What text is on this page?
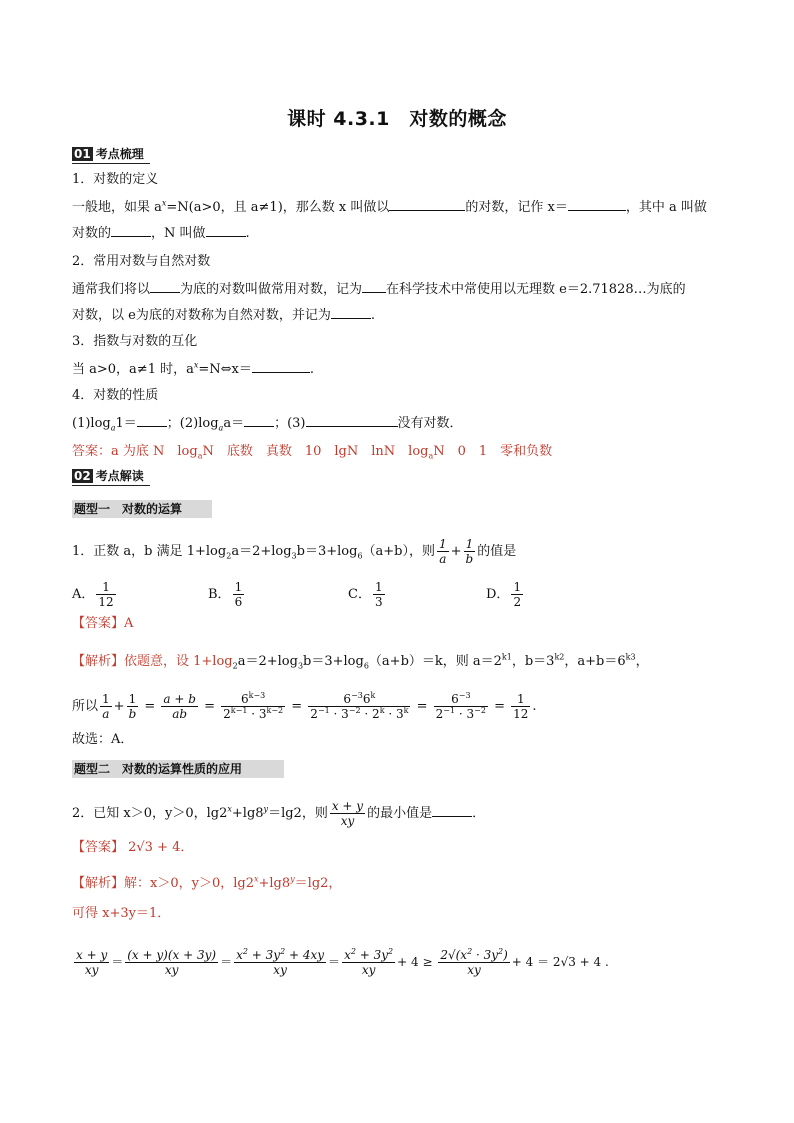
课时 4.3.1　对数的概念
01 考点梳理
1．对数的定义
一般地，如果 $a^x=N(a>0$，且 a≠1)，那么数 x 叫做以	的对数，记作 x＝	，其中 a 叫做
对数的	，N 叫做	.
2．常用对数与自然对数
通常我们将以 为底的对数叫做常用对数，记为 在科学技术中常使用以无理数 e＝2.71828…为底的
对数，以 e为底的对数称为自然对数，并记为	.
3．指数与对数的互化
当 a>0，a≠1 时，$a^x=N\Leftrightarrow x=$	.
4．对数的性质
$(1)\log_a1=$ ；$(2)\log_aa=$ ；(3)	没有对数．
答案：a 为底 N　$\log_aN$　底数　真数　10　lgN　lnN　$\log_aN$　0　1　零和负数
02 考点解读
题型一　对数的运算
1．正数 a，b 满足 $1+\log_2a=2+\log_3b=3+\log_6(a+b)$，则 $\frac{1}{a} + \frac{1}{b}$ 的值是
A． $\frac{1}{12}$	B． $\frac{1}{6}$	C． $\frac{1}{3}$	D． $\frac{1}{2}$
【答案】A
【解析】依题意，设 $1+\log_2a=2+\log_3b=3+\log_6(a+b)=k$，则 $a=2^{k1}$，$b=3^{k2}$，$a+b=6^{k3}$，
所以 $\frac{1}{a} + \frac{1}{b} = \frac{a + b}{ab} = \frac{6^{k-3}}{2^{k-1} \cdot 3^{k-2}} = \frac{6^{-3}6^k}{2^{-1} \cdot 3^{-2} \cdot 2^k \cdot 3^k} = \frac{6^{-3}}{2^{-1} \cdot 3^{-2}} = \frac{1}{12}$ .
故选：A．
题型二　对数的运算性质的应用
2．已知 x＞0，y＞0，$\lg 2^x+\lg 8^y=\lg 2$，则 $\frac{x + y}{xy}$ 的最小值是	．
【答案】 2√3 + 4．
【解析】解：x＞0，y＞0，$\lg 2^x+\lg 8^y=\lg 2$，
可得 x+3y＝1．
$\frac{x + y}{xy} = \frac{(x + y)(x + 3y)}{xy} = \frac{x^2 + 3y^2 + 4xy}{xy} = \frac{x^2 + 3y^2}{xy} + 4 \ge \frac{2√(x^2 \cdot 3y^2)}{xy} + 4 = 2√3 + 4$ .
